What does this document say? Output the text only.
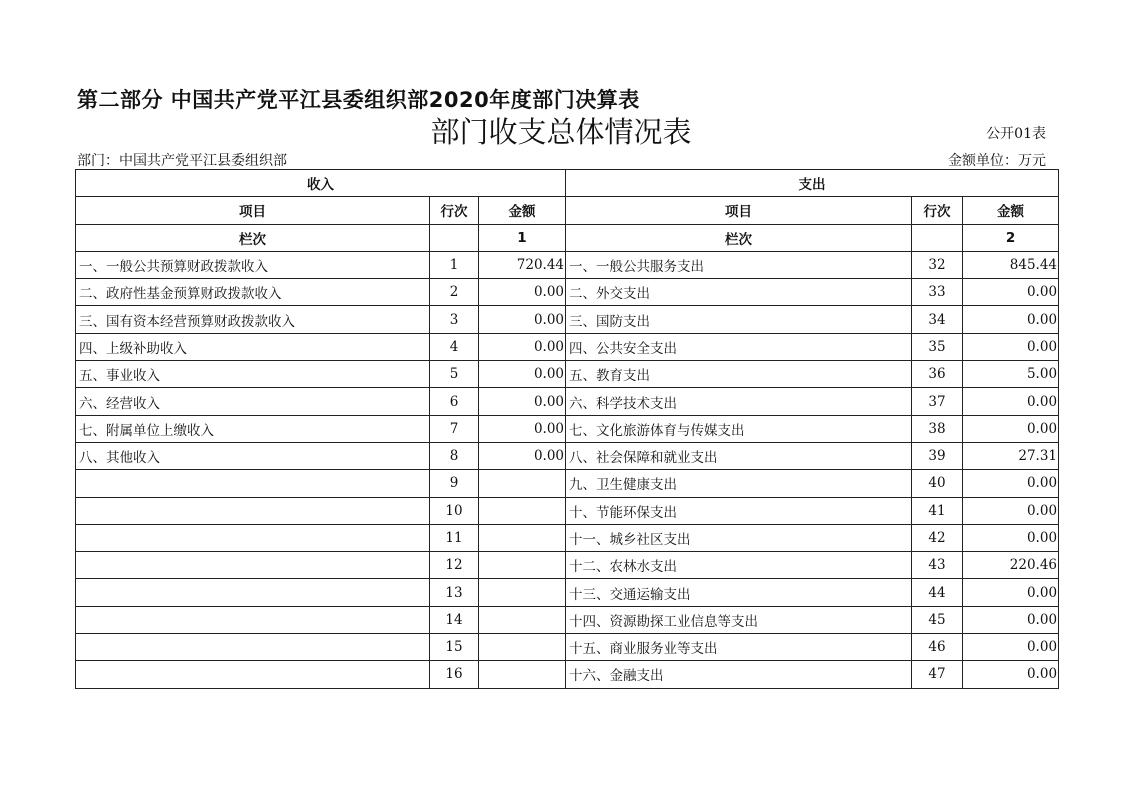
第二部分 中国共产党平江县委组织部2020年度部门决算表
部门收支总体情况表	公开01表
部门：中国共产党平江县委组织部	金额单位：万元
收入			支出		
项目	行次	金额	项目	行次	金额
栏次		1	栏次		2
一、一般公共预算财政拨款收入	1	720.44	一、一般公共服务支出	32	845.44
二、政府性基金预算财政拨款收入	2	0.00	二、外交支出	33	0.00
三、国有资本经营预算财政拨款收入	3	0.00	三、国防支出	34	0.00
四、上级补助收入	4	0.00	四、公共安全支出	35	0.00
五、事业收入	5	0.00	五、教育支出	36	5.00
六、经营收入	6	0.00	六、科学技术支出	37	0.00
七、附属单位上缴收入	7	0.00	七、文化旅游体育与传媒支出	38	0.00
八、其他收入	8	0.00	八、社会保障和就业支出	39	27.31
	9		九、卫生健康支出	40	0.00
	10		十、节能环保支出	41	0.00
	11		十一、城乡社区支出	42	0.00
	12		十二、农林水支出	43	220.46
	13		十三、交通运输支出	44	0.00
	14		十四、资源勘探工业信息等支出	45	0.00
	15		十五、商业服务业等支出	46	0.00
	16		十六、金融支出	47	0.00
